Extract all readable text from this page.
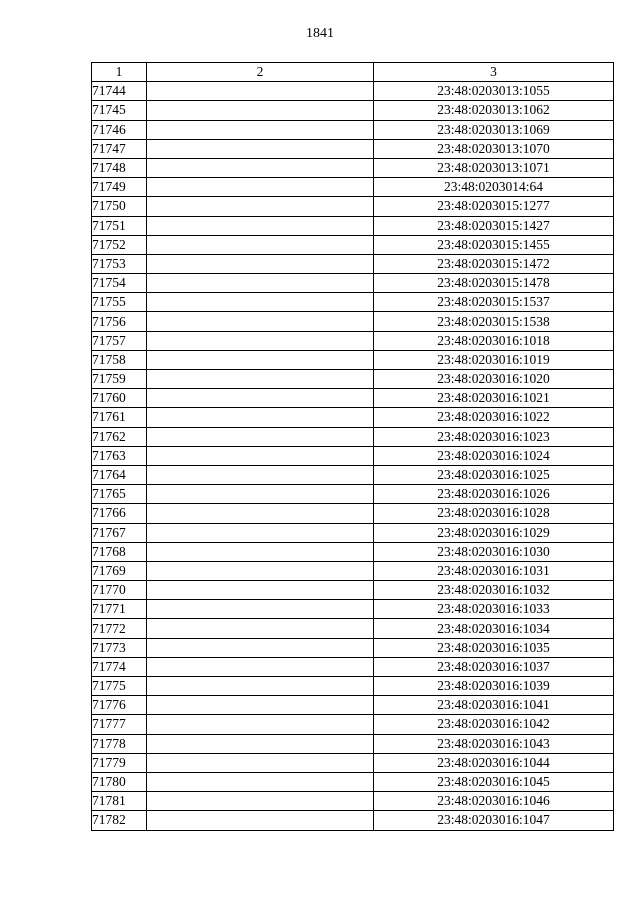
1841
1	2	3
71744		23:48:0203013:1055
71745		23:48:0203013:1062
71746		23:48:0203013:1069
71747		23:48:0203013:1070
71748		23:48:0203013:1071
71749		23:48:0203014:64
71750		23:48:0203015:1277
71751		23:48:0203015:1427
71752		23:48:0203015:1455
71753		23:48:0203015:1472
71754		23:48:0203015:1478
71755		23:48:0203015:1537
71756		23:48:0203015:1538
71757		23:48:0203016:1018
71758		23:48:0203016:1019
71759		23:48:0203016:1020
71760		23:48:0203016:1021
71761		23:48:0203016:1022
71762		23:48:0203016:1023
71763		23:48:0203016:1024
71764		23:48:0203016:1025
71765		23:48:0203016:1026
71766		23:48:0203016:1028
71767		23:48:0203016:1029
71768		23:48:0203016:1030
71769		23:48:0203016:1031
71770		23:48:0203016:1032
71771		23:48:0203016:1033
71772		23:48:0203016:1034
71773		23:48:0203016:1035
71774		23:48:0203016:1037
71775		23:48:0203016:1039
71776		23:48:0203016:1041
71777		23:48:0203016:1042
71778		23:48:0203016:1043
71779		23:48:0203016:1044
71780		23:48:0203016:1045
71781		23:48:0203016:1046
71782		23:48:0203016:1047
